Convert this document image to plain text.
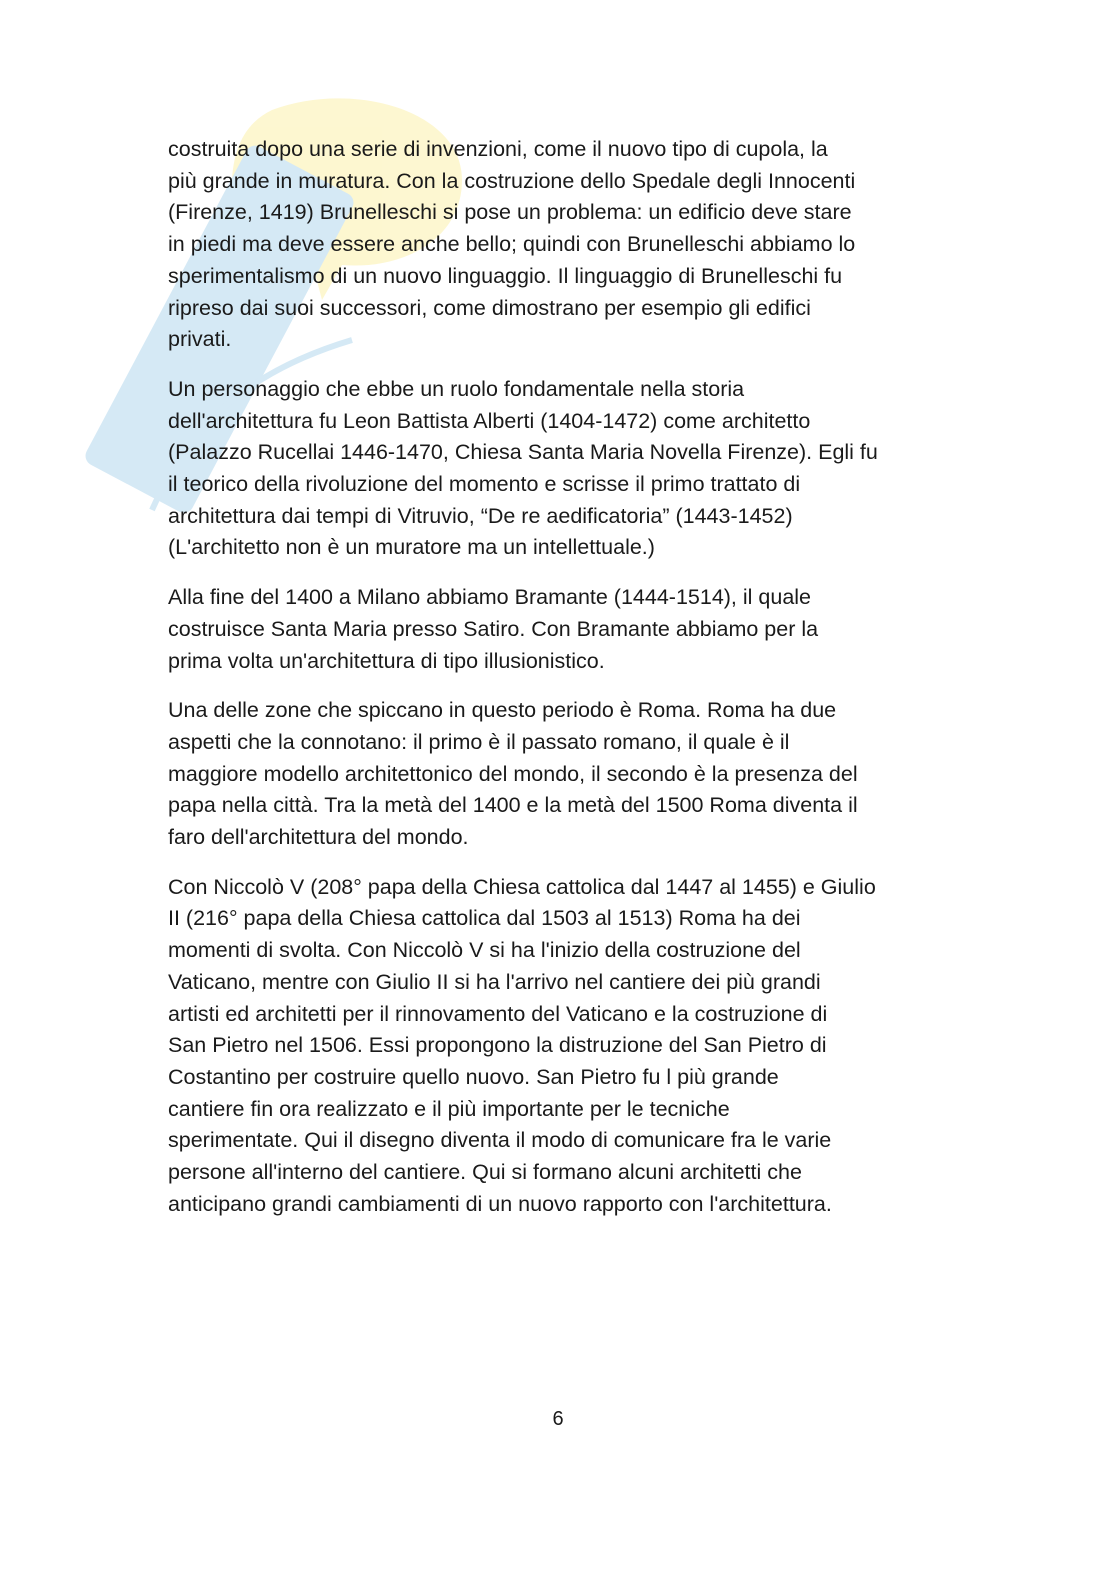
costruita dopo una serie di invenzioni, come il nuovo tipo di cupola, la
più grande in muratura. Con la costruzione dello Spedale degli Innocenti
(Firenze, 1419) Brunelleschi si pose un problema: un edificio deve stare
in piedi ma deve essere anche bello; quindi con Brunelleschi abbiamo lo
sperimentalismo di un nuovo linguaggio. Il linguaggio di Brunelleschi fu
ripreso dai suoi successori, come dimostrano per esempio gli edifici
privati.

Un personaggio che ebbe un ruolo fondamentale nella storia
dell'architettura fu Leon Battista Alberti (1404-1472) come architetto
(Palazzo Rucellai 1446-1470, Chiesa Santa Maria Novella Firenze). Egli fu
il teorico della rivoluzione del momento e scrisse il primo trattato di
architettura dai tempi di Vitruvio, “De re aedificatoria” (1443-1452)
(L'architetto non è un muratore ma un intellettuale.)

Alla fine del 1400 a Milano abbiamo Bramante (1444-1514), il quale
costruisce Santa Maria presso Satiro. Con Bramante abbiamo per la
prima volta un'architettura di tipo illusionistico.

Una delle zone che spiccano in questo periodo è Roma. Roma ha due
aspetti che la connotano: il primo è il passato romano, il quale è il
maggiore modello architettonico del mondo, il secondo è la presenza del
papa nella città. Tra la metà del 1400 e la metà del 1500 Roma diventa il
faro dell'architettura del mondo.

Con Niccolò V (208° papa della Chiesa cattolica dal 1447 al 1455) e Giulio
II (216° papa della Chiesa cattolica dal 1503 al 1513) Roma ha dei
momenti di svolta. Con Niccolò V si ha l'inizio della costruzione del
Vaticano, mentre con Giulio II si ha l'arrivo nel cantiere dei più grandi
artisti ed architetti per il rinnovamento del Vaticano e la costruzione di
San Pietro nel 1506. Essi propongono la distruzione del San Pietro di
Costantino per costruire quello nuovo. San Pietro fu l più grande
cantiere fin ora realizzato e il più importante per le tecniche
sperimentate. Qui il disegno diventa il modo di comunicare fra le varie
persone all'interno del cantiere. Qui si formano alcuni architetti che
anticipano grandi cambiamenti di un nuovo rapporto con l'architettura.

6
